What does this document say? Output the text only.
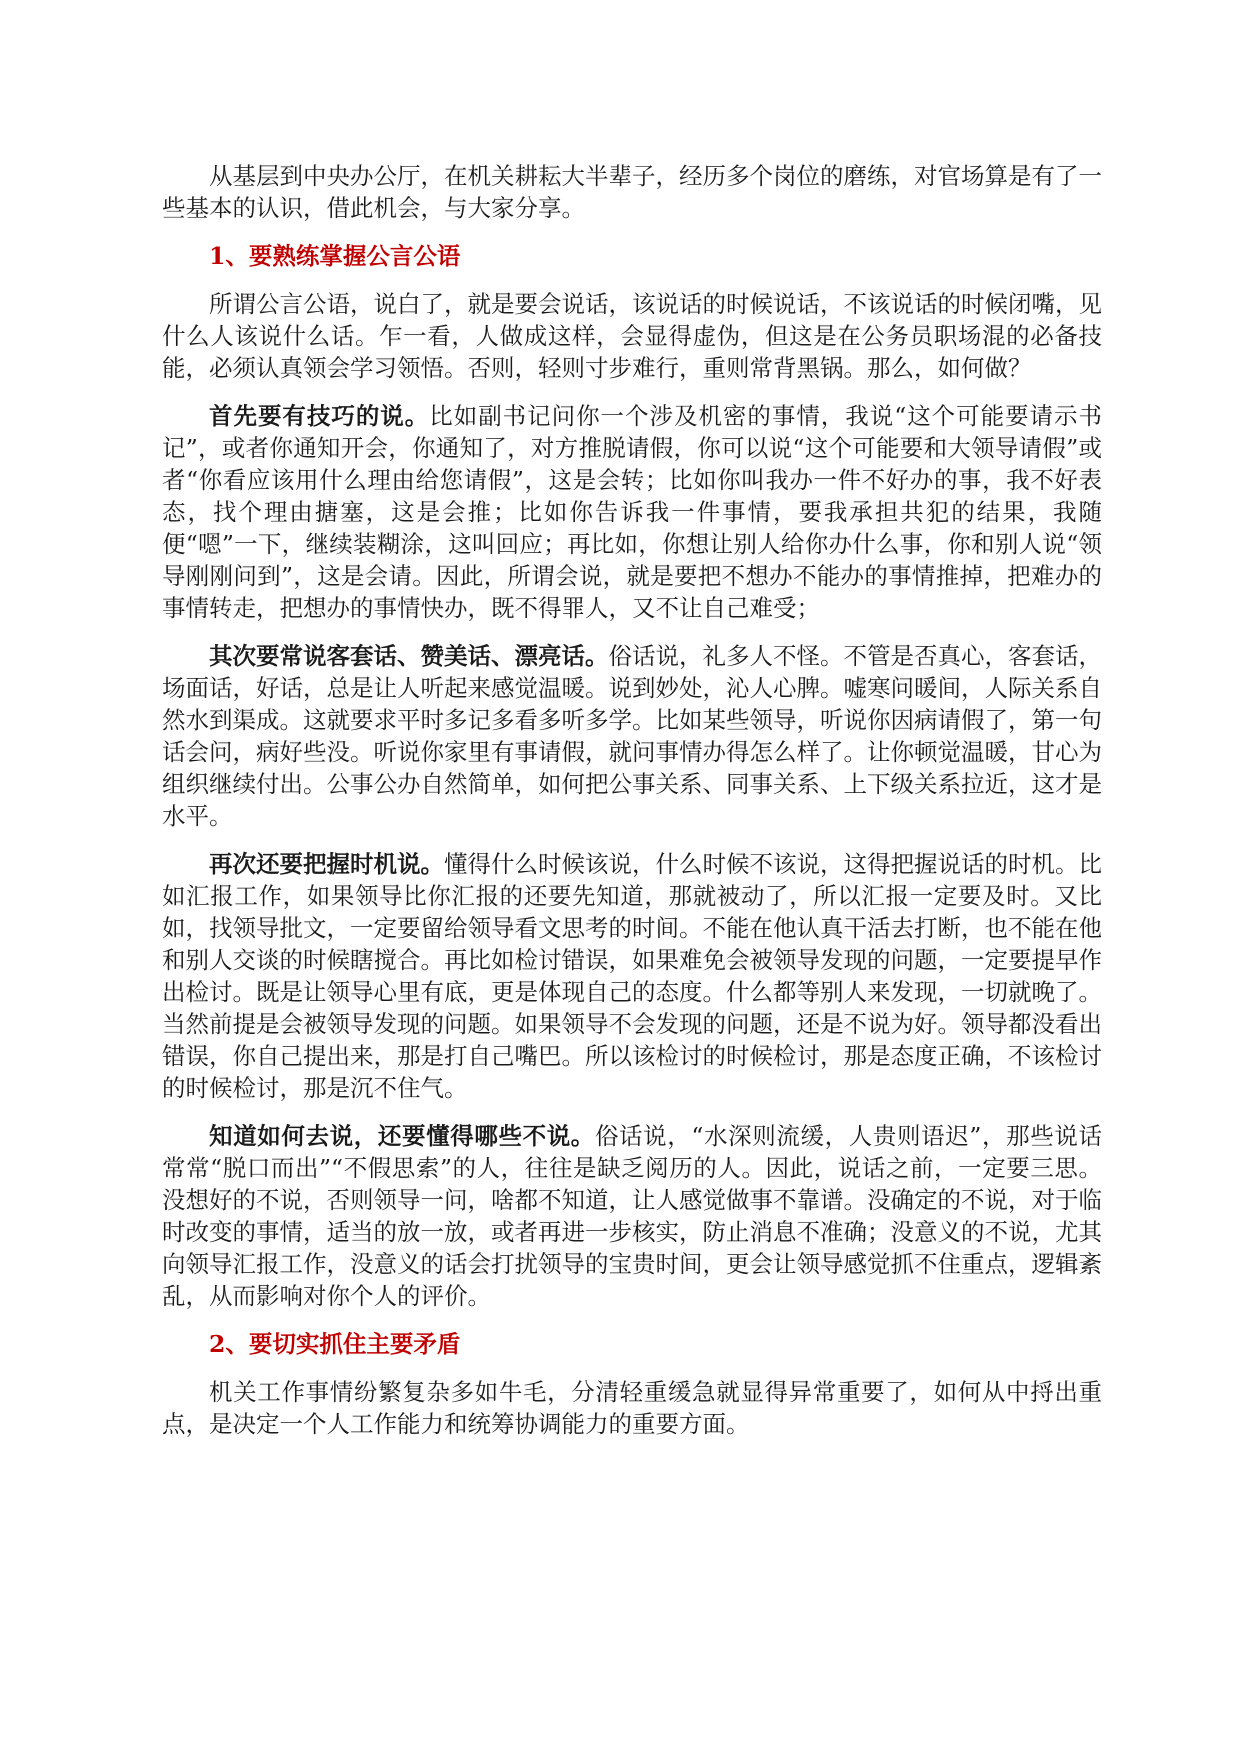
从基层到中央办公厅，在机关耕耘大半辈子，经历多个岗位的磨练，对官场算是有了一些基本的认识，借此机会，与大家分享。

1、要熟练掌握公言公语

所谓公言公语，说白了，就是要会说话，该说话的时候说话，不该说话的时候闭嘴，见什么人该说什么话。乍一看，人做成这样，会显得虚伪，但这是在公务员职场混的必备技能，必须认真领会学习领悟。否则，轻则寸步难行，重则常背黑锅。那么，如何做？

首先要有技巧的说。比如副书记问你一个涉及机密的事情，我说“这个可能要请示书记”，或者你通知开会，你通知了，对方推脱请假，你可以说“这个可能要和大领导请假”或者“你看应该用什么理由给您请假”，这是会转；比如你叫我办一件不好办的事，我不好表态，找个理由搪塞，这是会推；比如你告诉我一件事情，要我承担共犯的结果，我随便“嗯”一下，继续装糊涂，这叫回应；再比如，你想让别人给你办什么事，你和别人说“领导刚刚问到”，这是会请。因此，所谓会说，就是要把不想办不能办的事情推掉，把难办的事情转走，把想办的事情快办，既不得罪人，又不让自己难受；

其次要常说客套话、赞美话、漂亮话。俗话说，礼多人不怪。不管是否真心，客套话，场面话，好话，总是让人听起来感觉温暖。说到妙处，沁人心脾。嘘寒问暖间，人际关系自然水到渠成。这就要求平时多记多看多听多学。比如某些领导，听说你因病请假了，第一句话会问，病好些没。听说你家里有事请假，就问事情办得怎么样了。让你顿觉温暖，甘心为组织继续付出。公事公办自然简单，如何把公事关系、同事关系、上下级关系拉近，这才是水平。

再次还要把握时机说。懂得什么时候该说，什么时候不该说，这得把握说话的时机。比如汇报工作，如果领导比你汇报的还要先知道，那就被动了，所以汇报一定要及时。又比如，找领导批文，一定要留给领导看文思考的时间。不能在他认真干活去打断，也不能在他和别人交谈的时候瞎搅合。再比如检讨错误，如果难免会被领导发现的问题，一定要提早作出检讨。既是让领导心里有底，更是体现自己的态度。什么都等别人来发现，一切就晚了。当然前提是会被领导发现的问题。如果领导不会发现的问题，还是不说为好。领导都没看出错误，你自己提出来，那是打自己嘴巴。所以该检讨的时候检讨，那是态度正确，不该检讨的时候检讨，那是沉不住气。

知道如何去说，还要懂得哪些不说。俗话说，“水深则流缓，人贵则语迟”，那些说话常常“脱口而出”“不假思索”的人，往往是缺乏阅历的人。因此，说话之前，一定要三思。没想好的不说，否则领导一问，啥都不知道，让人感觉做事不靠谱。没确定的不说，对于临时改变的事情，适当的放一放，或者再进一步核实，防止消息不准确；没意义的不说，尤其向领导汇报工作，没意义的话会打扰领导的宝贵时间，更会让领导感觉抓不住重点，逻辑紊乱，从而影响对你个人的评价。

2、要切实抓住主要矛盾

机关工作事情纷繁复杂多如牛毛，分清轻重缓急就显得异常重要了，如何从中捋出重点，是决定一个人工作能力和统筹协调能力的重要方面。
